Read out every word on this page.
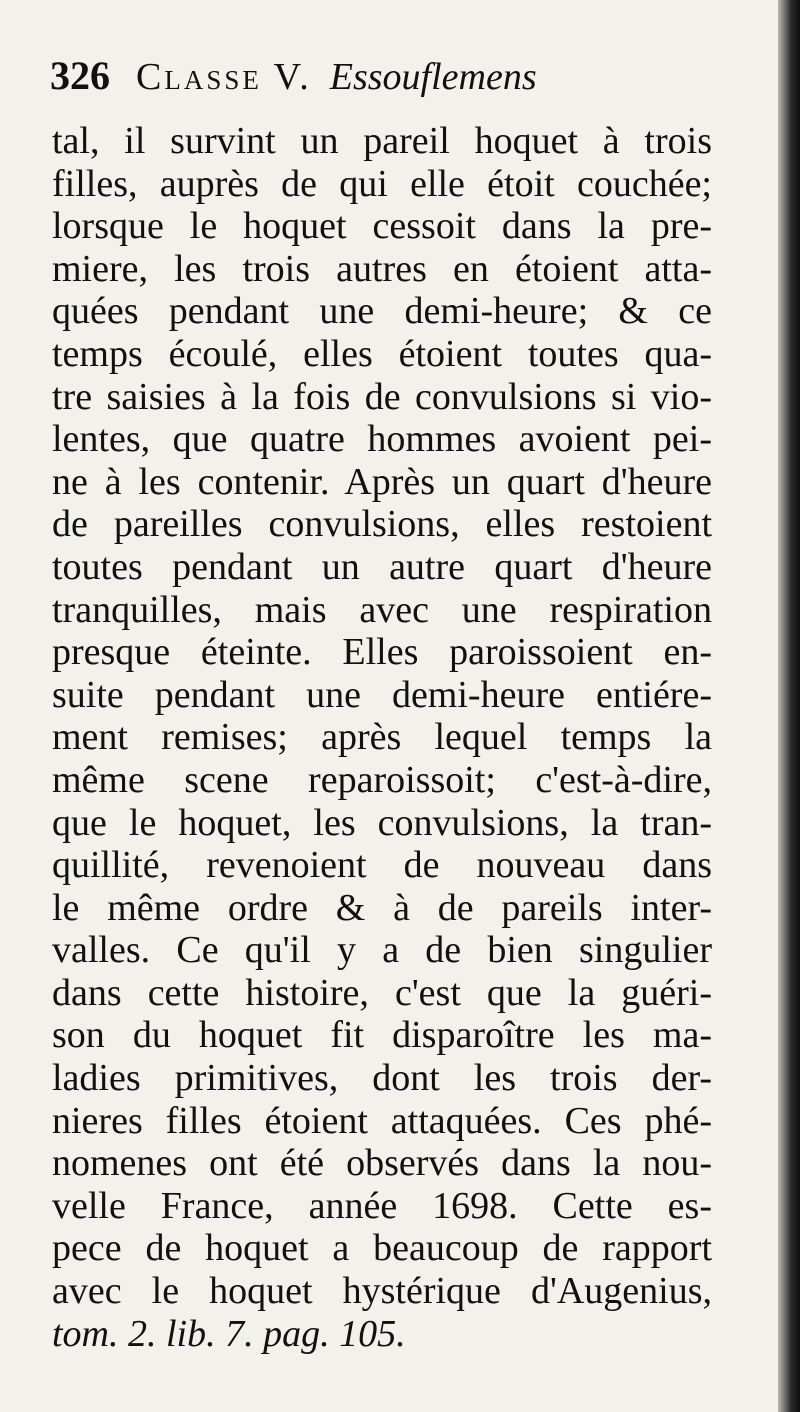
326 Classe V. Essouflemens
tal, il survint un pareil hoquet à trois
filles, auprès de qui elle étoit couchée;
lorsque le hoquet cessoit dans la pre-
miere, les trois autres en étoient atta-
quées pendant une demi-heure; & ce
temps écoulé, elles étoient toutes qua-
tre saisies à la fois de convulsions si vio-
lentes, que quatre hommes avoient pei-
ne à les contenir. Après un quart d'heure
de pareilles convulsions, elles restoient
toutes pendant un autre quart d'heure
tranquilles, mais avec une respiration
presque éteinte. Elles paroissoient en-
suite pendant une demi-heure entiére-
ment remises; après lequel temps la
même scene reparoissoit; c'est-à-dire,
que le hoquet, les convulsions, la tran-
quillité, revenoient de nouveau dans
le même ordre & à de pareils inter-
valles. Ce qu'il y a de bien singulier
dans cette histoire, c'est que la guéri-
son du hoquet fit disparoître les ma-
ladies primitives, dont les trois der-
nieres filles étoient attaquées. Ces phé-
nomenes ont été observés dans la nou-
velle France, année 1698. Cette es-
pece de hoquet a beaucoup de rapport
avec le hoquet hystérique d'Augenius,
tom. 2. lib. 7. pag. 105.
